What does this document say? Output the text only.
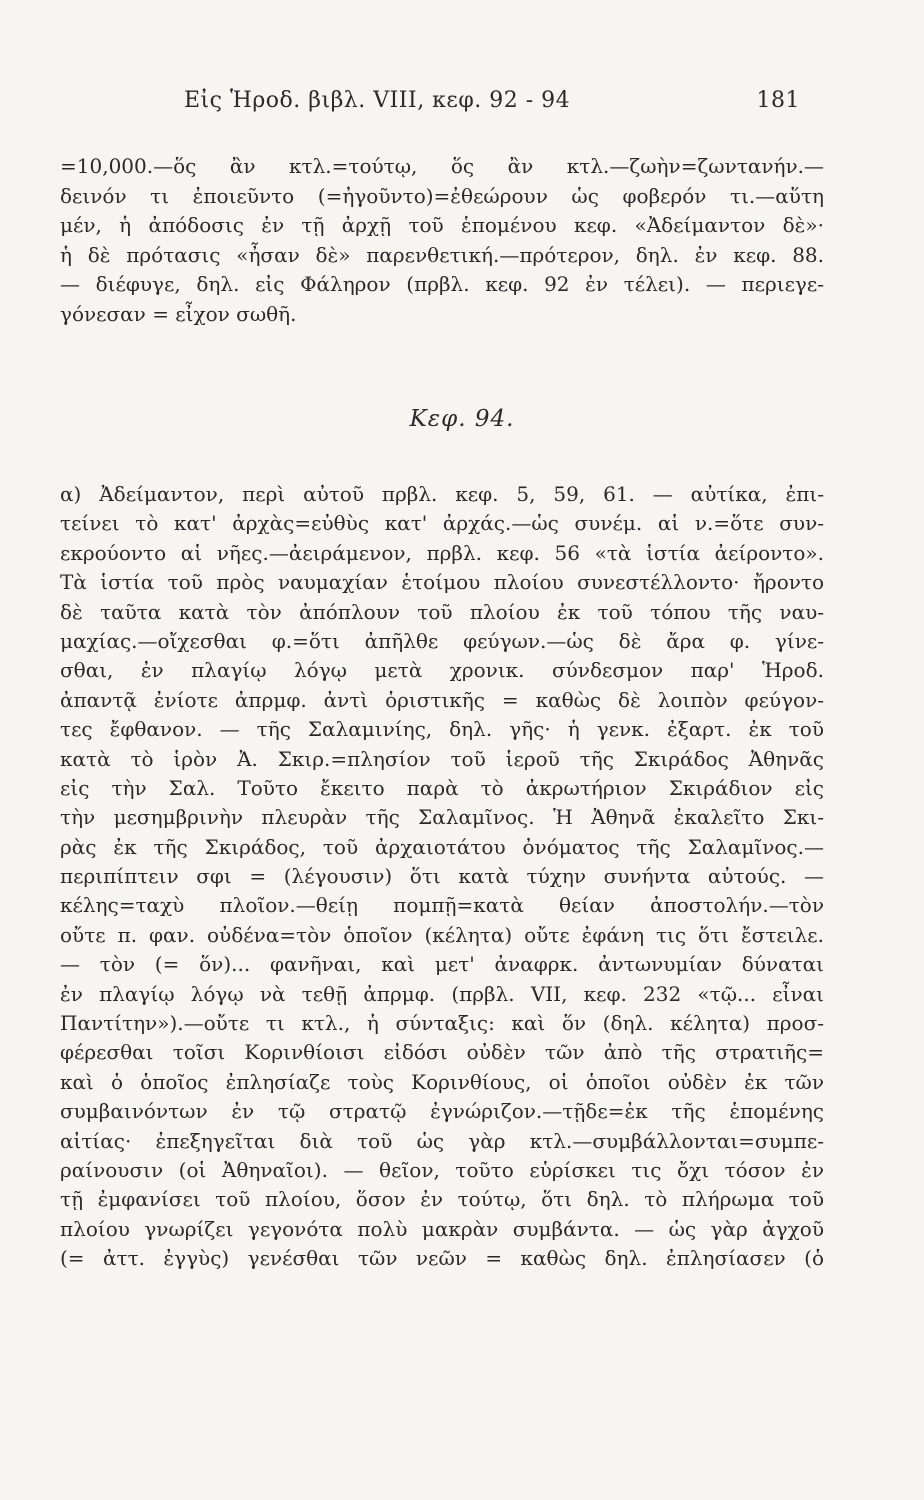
Εἰς Ἡροδ. βιβλ. VIII, κεφ. 92 - 94	181
=10,000.—ὅς ἂν κτλ.=τούτῳ, ὅς ἂν κτλ.—ζωὴν=ζωντανήν.—
δεινόν τι ἐποιεῦντο (=ἠγοῦντο)=ἐθεώρουν ὡς φοβερόν τι.—αὕτη
μέν, ἡ ἀπόδοσις ἐν τῇ ἀρχῇ τοῦ ἑπομένου κεφ. «Ἀδείμαντον δὲ»·
ἡ δὲ πρότασις «ἦσαν δὲ» παρενθετική.—πρότερον, δηλ. ἐν κεφ. 88.
— διέφυγε, δηλ. εἰς Φάληρον (πρβλ. κεφ. 92 ἐν τέλει). — περιεγε-
γόνεσαν = εἶχον σωθῆ.
Κεφ. 94.
α) Ἀδείμαντον, περὶ αὐτοῦ πρβλ. κεφ. 5, 59, 61. — αὐτίκα, ἐπι-
τείνει τὸ κατ' ἀρχὰς=εὐθὺς κατ' ἀρχάς.—ὡς συνέμ. αἱ ν.=ὅτε συν-
εκρούοντο αἱ νῆες.—ἀειράμενον, πρβλ. κεφ. 56 «τὰ ἱστία ἀείροντο».
Τὰ ἱστία τοῦ πρὸς ναυμαχίαν ἑτοίμου πλοίου συνεστέλλοντο· ἤροντο
δὲ ταῦτα κατὰ τὸν ἀπόπλουν τοῦ πλοίου ἐκ τοῦ τόπου τῆς ναυ-
μαχίας.—οἴχεσθαι φ.=ὅτι ἀπῆλθε φεύγων.—ὡς δὲ ἄρα φ. γίνε-
σθαι, ἐν πλαγίῳ λόγῳ μετὰ χρονικ. σύνδεσμον παρ' Ἡροδ.
ἀπαντᾷ ἐνίοτε ἀπρμφ. ἀντὶ ὁριστικῆς = καθὼς δὲ λοιπὸν φεύγον-
τες ἔφθανον. — τῆς Σαλαμινίης, δηλ. γῆς· ἡ γενκ. ἐξαρτ. ἐκ τοῦ
κατὰ τὸ ἱρὸν Ἀ. Σκιρ.=πλησίον τοῦ ἱεροῦ τῆς Σκιράδος Ἀθηνᾶς
εἰς τὴν Σαλ. Τοῦτο ἔκειτο παρὰ τὸ ἀκρωτήριον Σκιράδιον εἰς
τὴν μεσημβρινὴν πλευρὰν τῆς Σαλαμῖνος. Ἡ Ἀθηνᾶ ἐκαλεῖτο Σκι-
ρὰς ἐκ τῆς Σκιράδος, τοῦ ἀρχαιοτάτου ὀνόματος τῆς Σαλαμῖνος.—
περιπίπτειν σφι = (λέγουσιν) ὅτι κατὰ τύχην συνήντα αὐτούς. —
κέλης=ταχὺ πλοῖον.—θείῃ πομπῇ=κατὰ θείαν ἀποστολήν.—τὸν
οὔτε π. φαν. οὐδένα=τὸν ὁποῖον (κέλητα) οὔτε ἐφάνη τις ὅτι ἔστειλε.
— τὸν (= ὅν)... φανῆναι, καὶ μετ' ἀναφρκ. ἀντωνυμίαν δύναται
ἐν πλαγίῳ λόγῳ νὰ τεθῇ ἀπρμφ. (πρβλ. VII, κεφ. 232 «τῷ... εἶναι
Παντίτην»).—οὔτε τι κτλ., ἡ σύνταξις: καὶ ὅν (δηλ. κέλητα) προσ-
φέρεσθαι τοῖσι Κορινθίοισι εἰδόσι οὐδὲν τῶν ἀπὸ τῆς στρατιῆς=
καὶ ὁ ὁποῖος ἐπλησίαζε τοὺς Κορινθίους, οἱ ὁποῖοι οὐδὲν ἐκ τῶν
συμβαινόντων ἐν τῷ στρατῷ ἐγνώριζον.—τῇδε=ἐκ τῆς ἑπομένης
αἰτίας· ἐπεξηγεῖται διὰ τοῦ ὡς γὰρ κτλ.—συμβάλλονται=συμπε-
ραίνουσιν (οἱ Ἀθηναῖοι). — θεῖον, τοῦτο εὑρίσκει τις ὄχι τόσον ἐν
τῇ ἐμφανίσει τοῦ πλοίου, ὅσον ἐν τούτῳ, ὅτι δηλ. τὸ πλήρωμα τοῦ
πλοίου γνωρίζει γεγονότα πολὺ μακρὰν συμβάντα. — ὡς γὰρ ἀγχοῦ
(= ἀττ. ἐγγὺς) γενέσθαι τῶν νεῶν = καθὼς δηλ. ἐπλησίασεν (ὁ
